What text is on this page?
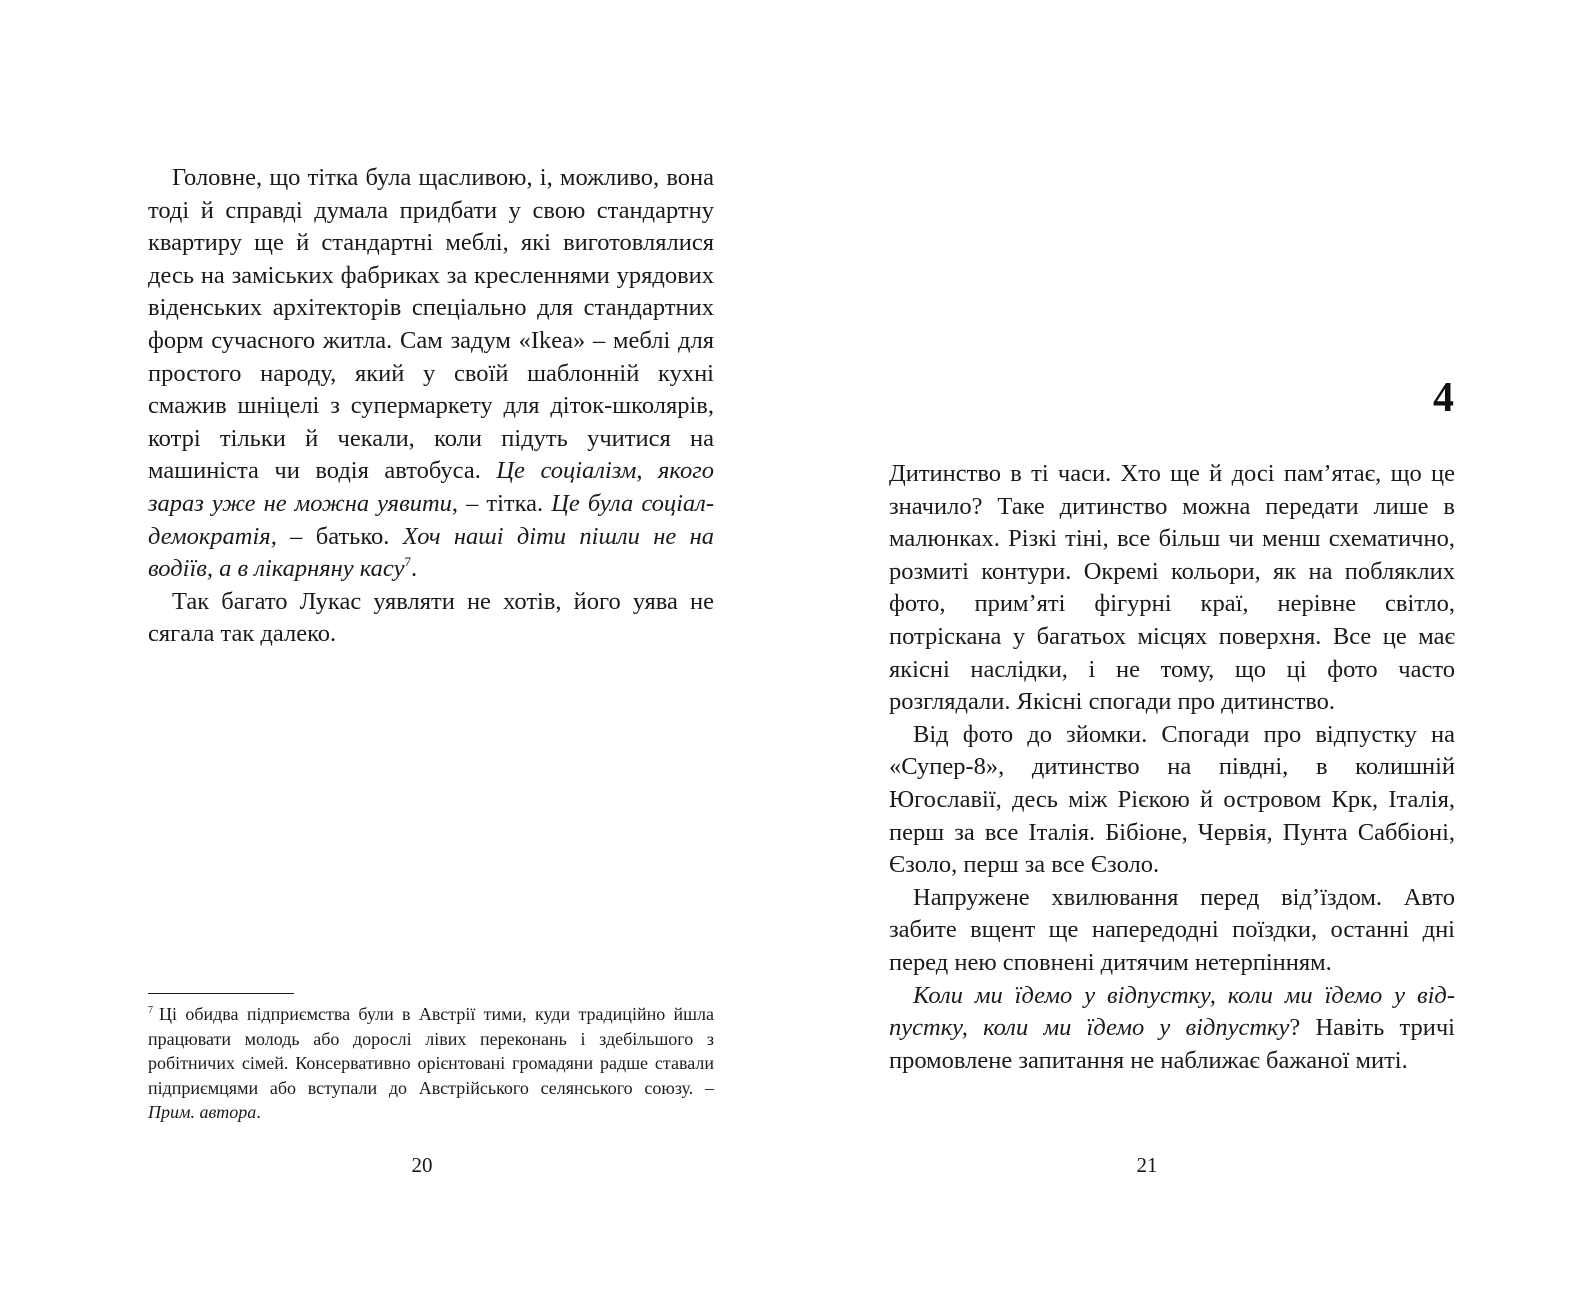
Головне, що тітка була щасливою, і, можливо, вона тоді й справді думала придбати у свою стандартну квартиру ще й стандартні меблі, які виготовлялися десь на заміських фабриках за кресленнями урядових віденських архітекторів спеціально для стандартних форм сучасного житла. Сам задум «Ikea» – меблі для простого народу, який у своїй шаблонній кухні смажив шніцелі з супермаркету для діток-школярів, котрі тільки й чекали, коли підуть учитися на машиніста чи водія автобуса. Це соціалізм, якого зараз уже не можна уявити, – тітка. Це була соціал-демократія, – батько. Хоч наші діти пішли не на водіїв, а в лікарняну касу$^7$.

Так багато Лукас уявляти не хотів, його уява не сягала так далеко.

$^7$ Ці обидва підприємства були в Австрії тими, куди традиційно йшла працювати молодь або дорослі лівих переконань і здебільшого з робітничих сімей. Консервативно орієнтовані громадяни радше ставали підприємцями або вступали до Австрійського селянського союзу. – Прим. автора.

20
4

Дитинство в ті часи. Хто ще й досі пам’ятає, що це значило? Таке дитинство можна передати лише в малюнках. Різкі тіні, все більш чи менш схематично, розмиті контури. Окремі кольори, як на побляклих фото, прим’яті фігурні краї, нерівне світло, потріскана у багатьох місцях поверхня. Все це має якісні наслідки, і не тому, що ці фото часто розглядали. Якісні спогади про дитинство.

Від фото до зйомки. Спогади про відпустку на «Супер-8», дитинство на півдні, в колишній Югославії, десь між Рієкою й островом Крк, Італія, перш за все Італія. Бібіоне, Червія, Пунта Саббіоні, Єзоло, перш за все Єзоло.

Напружене хвилювання перед від’їздом. Авто забите вщент ще напередодні поїздки, останні дні перед нею сповнені дитячим нетерпінням.

Коли ми їдемо у відпустку, коли ми їдемо у відпустку, коли ми їдемо у відпустку? Навіть тричі промовлене запитання не наближає бажаної миті.

21
